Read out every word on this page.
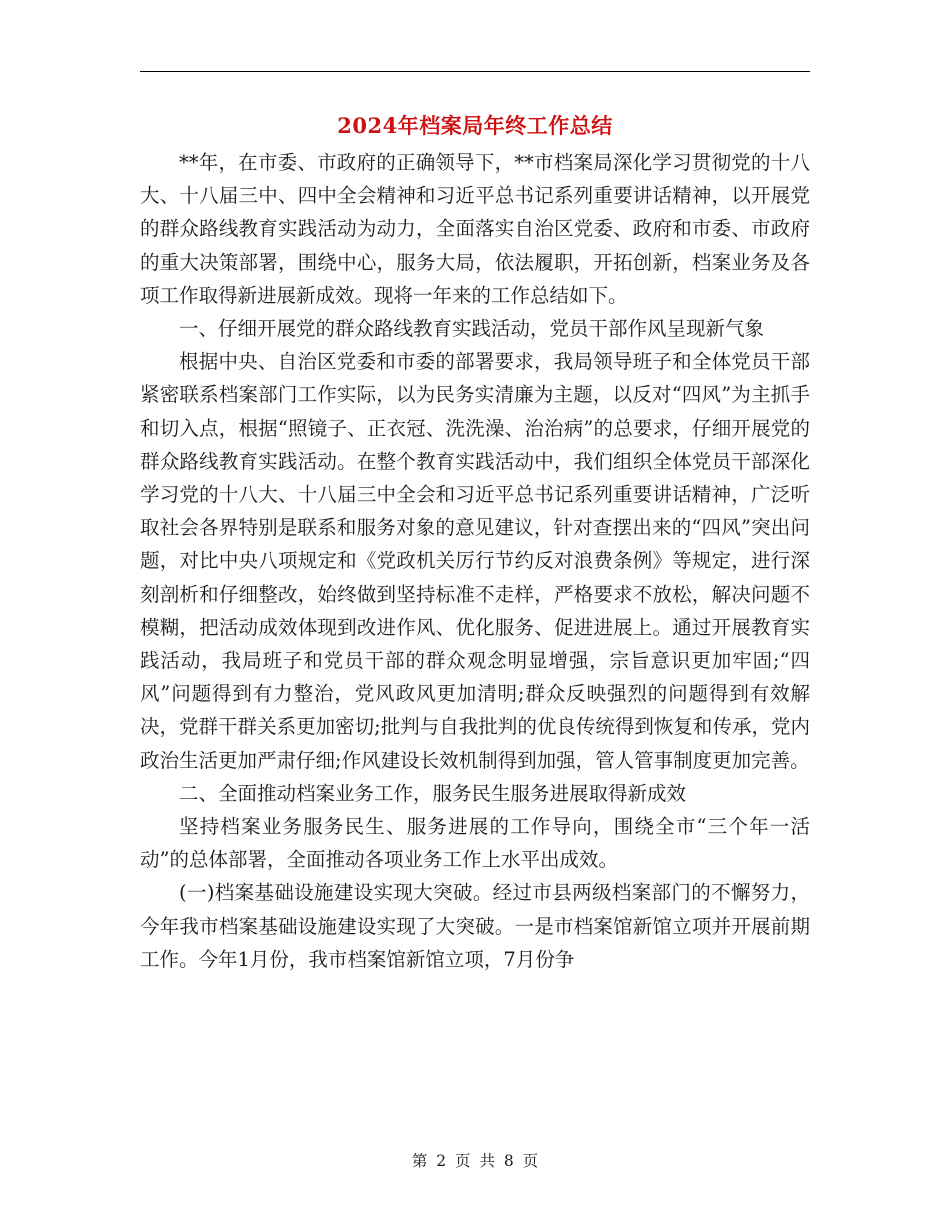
2024年档案局年终工作总结

**年，在市委、市政府的正确领导下，**市档案局深化学习贯彻党的十八大、十八届三中、四中全会精神和习近平总书记系列重要讲话精神，以开展党的群众路线教育实践活动为动力，全面落实自治区党委、政府和市委、市政府的重大决策部署，围绕中心，服务大局，依法履职，开拓创新，档案业务及各项工作取得新进展新成效。现将一年来的工作总结如下。

一、仔细开展党的群众路线教育实践活动，党员干部作风呈现新气象

根据中央、自治区党委和市委的部署要求，我局领导班子和全体党员干部紧密联系档案部门工作实际，以为民务实清廉为主题，以反对“四风”为主抓手和切入点，根据“照镜子、正衣冠、洗洗澡、治治病”的总要求，仔细开展党的群众路线教育实践活动。在整个教育实践活动中，我们组织全体党员干部深化学习党的十八大、十八届三中全会和习近平总书记系列重要讲话精神，广泛听取社会各界特别是联系和服务对象的意见建议，针对查摆出来的“四风”突出问题，对比中央八项规定和《党政机关厉行节约反对浪费条例》等规定，进行深刻剖析和仔细整改，始终做到坚持标准不走样，严格要求不放松，解决问题不模糊，把活动成效体现到改进作风、优化服务、促进进展上。通过开展教育实践活动，我局班子和党员干部的群众观念明显增强，宗旨意识更加牢固;“四风”问题得到有力整治，党风政风更加清明;群众反映强烈的问题得到有效解决，党群干群关系更加密切;批判与自我批判的优良传统得到恢复和传承，党内政治生活更加严肃仔细;作风建设长效机制得到加强，管人管事制度更加完善。

二、全面推动档案业务工作，服务民生服务进展取得新成效

坚持档案业务服务民生、服务进展的工作导向，围绕全市“三个年一活动”的总体部署，全面推动各项业务工作上水平出成效。

(一)档案基础设施建设实现大突破。经过市县两级档案部门的不懈努力，今年我市档案基础设施建设实现了大突破。一是市档案馆新馆立项并开展前期工作。今年1月份，我市档案馆新馆立项，7月份争

第 2 页 共 8 页
